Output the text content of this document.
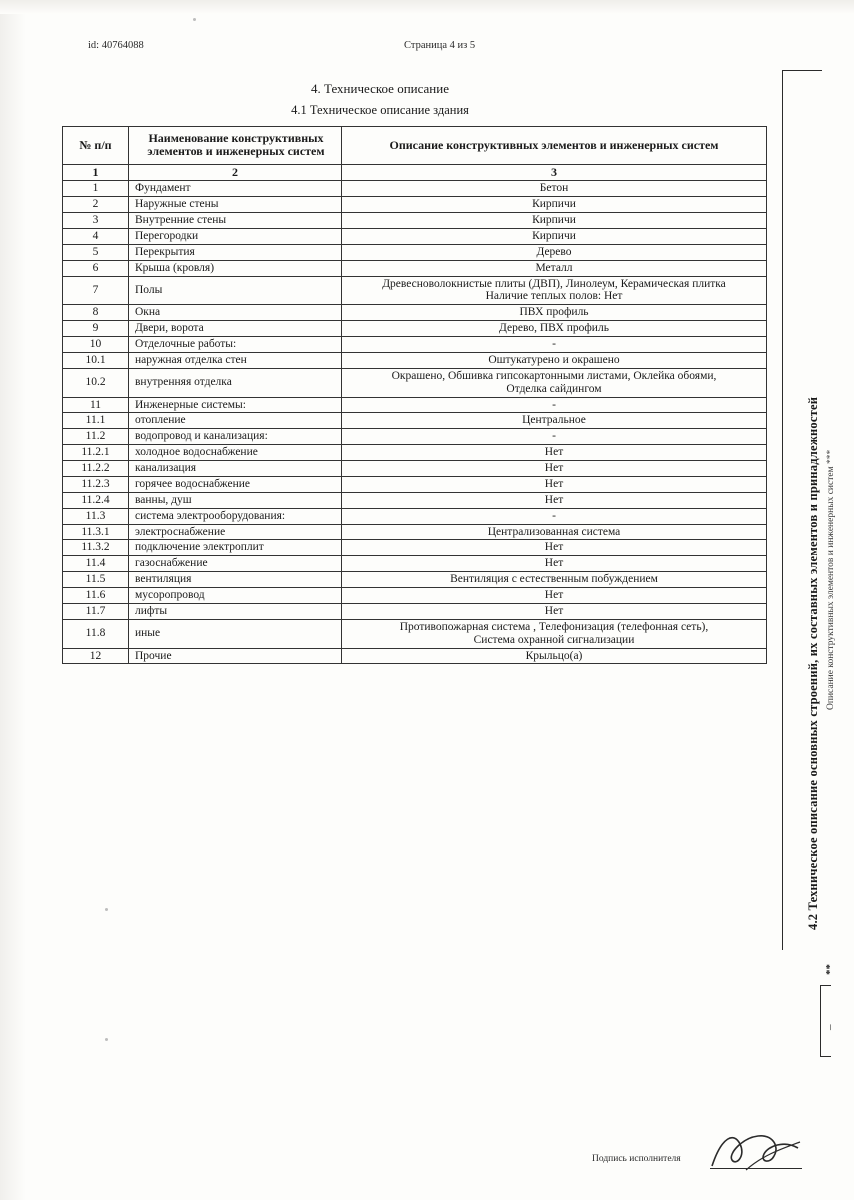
id: 40764088	Страница 4 из 5
4. Техническое описание
4.1 Техническое описание здания
№ п/п	Наименование конструктивных элементов и инженерных систем	Описание конструктивных элементов и инженерных систем
1	2	3
1	Фундамент	Бетон
2	Наружные стены	Кирпичи
3	Внутренние стены	Кирпичи
4	Перегородки	Кирпичи
5	Перекрытия	Дерево
6	Крыша (кровля)	Металл
7	Полы	Древесноволокнистые плиты (ДВП), Линолеум, Керамическая плитка
Наличие теплых полов: Нет
8	Окна	ПВХ профиль
9	Двери, ворота	Дерево, ПВХ профиль
10	Отделочные работы:	-
10.1	наружная отделка стен	Оштукатурено и окрашено
10.2	внутренняя отделка	Окрашено, Обшивка гипсокартонными листами, Оклейка обоями,
Отделка сайдингом
11	Инженерные системы:	-
11.1	отопление	Центральное
11.2	водопровод и канализация:	-
11.2.1	холодное водоснабжение	Нет
11.2.2	канализация	Нет
11.2.3	горячее водоснабжение	Нет
11.2.4	ванны, душ	Нет
11.3	система электрооборудования:	-
11.3.1	электроснабжение	Централизованная система
11.3.2	подключение электроплит	Нет
11.4	газоснабжение	Нет
11.5	вентиляция	Вентиляция с естественным побуждением
11.6	мусоропровод	Нет
11.7	лифты	Нет
11.8	иные	Противопожарная система , Телефонизация (телефонная сеть),
Система охранной сигнализации
12	Прочие	Крыльцо(а)	4.2 Техническое описание основных строений, их составных элементов и принадлежностей Описание конструктивных элементов и инженерных систем ***
**
–
Подпись исполнителя
